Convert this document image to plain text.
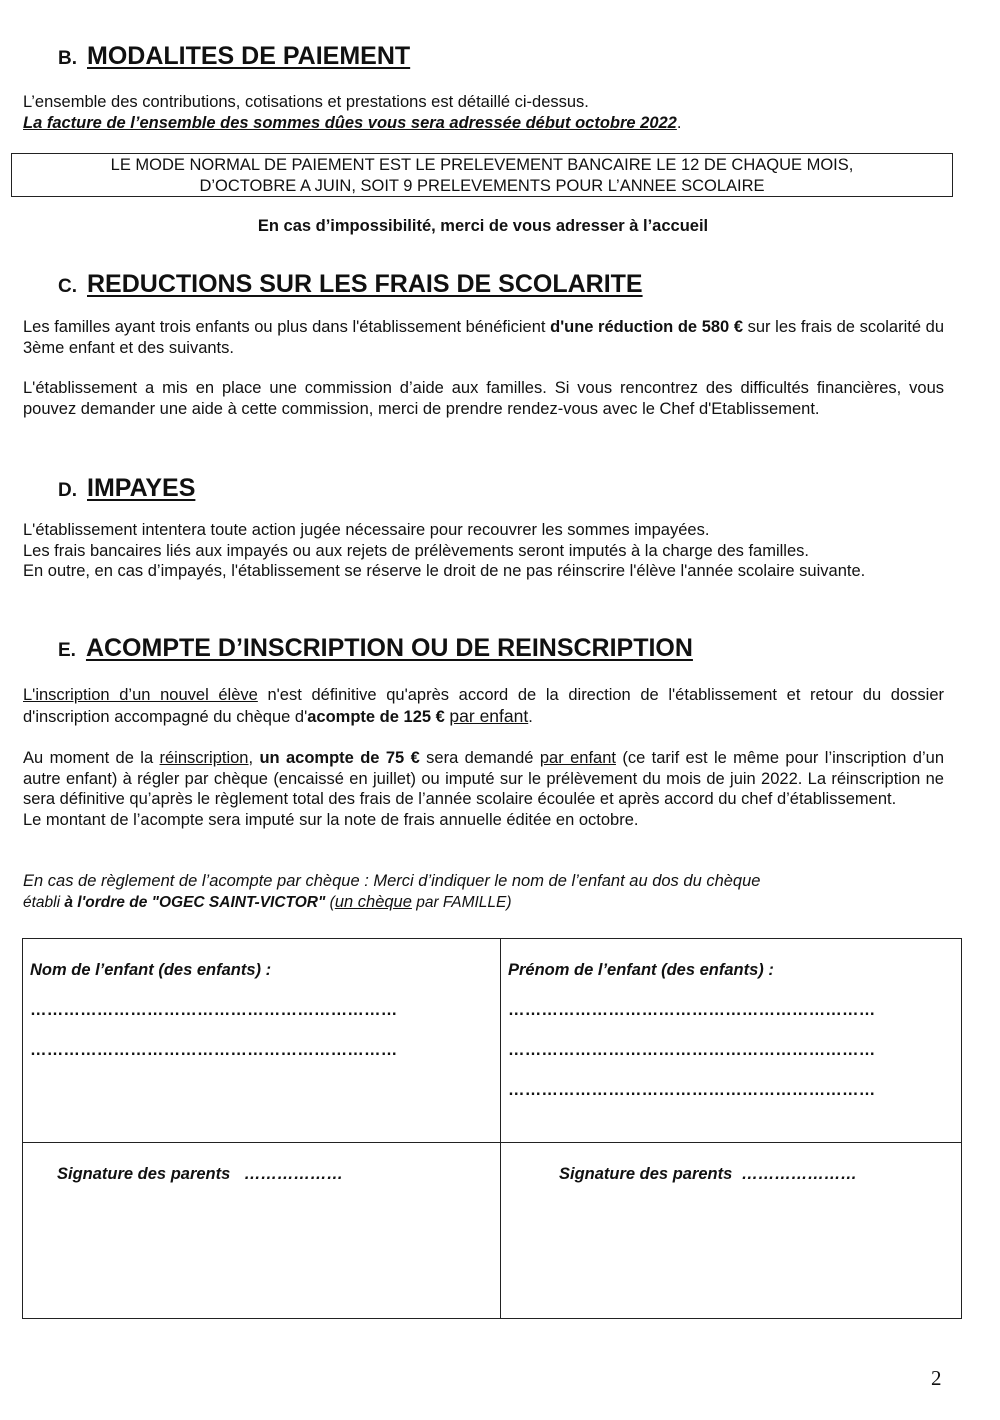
B. MODALITES DE PAIEMENT
L’ensemble des contributions, cotisations et prestations est détaillé ci-dessus.
La facture de l’ensemble des sommes dûes vous sera adressée début octobre 2022.
LE MODE NORMAL DE PAIEMENT EST LE PRELEVEMENT BANCAIRE LE 12 DE CHAQUE MOIS,
D’OCTOBRE A JUIN, SOIT 9 PRELEVEMENTS POUR L’ANNEE SCOLAIRE
En cas d’impossibilité, merci de vous adresser à l’accueil
C. REDUCTIONS SUR LES FRAIS DE SCOLARITE

Les familles ayant trois enfants ou plus dans l'établissement bénéficient d'une réduction de 580 € sur les frais de scolarité du 3ème enfant et des suivants.

L'établissement a mis en place une commission d’aide aux familles. Si vous rencontrez des difficultés financières, vous pouvez demander une aide à cette commission, merci de prendre rendez-vous avec le Chef d'Etablissement.

D. IMPAYES
L'établissement intentera toute action jugée nécessaire pour recouvrer les sommes impayées.
Les frais bancaires liés aux impayés ou aux rejets de prélèvements seront imputés à la charge des familles.

En outre, en cas d’impayés, l'établissement se réserve le droit de ne pas réinscrire l'élève l'année scolaire suivante.

E. ACOMPTE D’INSCRIPTION OU DE REINSCRIPTION

L'inscription d’un nouvel élève n'est définitive qu'après accord de la direction de l'établissement et retour du dossier d'inscription accompagné du chèque d'acompte de 125 € par enfant.

Au moment de la réinscription, un acompte de 75 € sera demandé par enfant (ce tarif est le même pour l’inscription d’un autre enfant) à régler par chèque (encaissé en juillet) ou imputé sur le prélèvement du mois de juin 2022. La réinscription ne sera définitive qu’après le règlement total des frais de l’année scolaire écoulée et après accord du chef d’établissement.

Le montant de l’acompte sera imputé sur la note de frais annuelle éditée en octobre.

En cas de règlement de l’acompte par chèque : Merci d’indiquer le nom de l’enfant au dos du chèque
établi à l'ordre de "OGEC SAINT-VICTOR" (un chèque par FAMILLE)
Nom de l’enfant (des enfants) :
…………………………………………………………
…………………………………………………………
Prénom de l’enfant (des enfants) :
…………………………………………………………
…………………………………………………………
…………………………………………………………
Signature des parents ………………	Signature des parents …………………
2
